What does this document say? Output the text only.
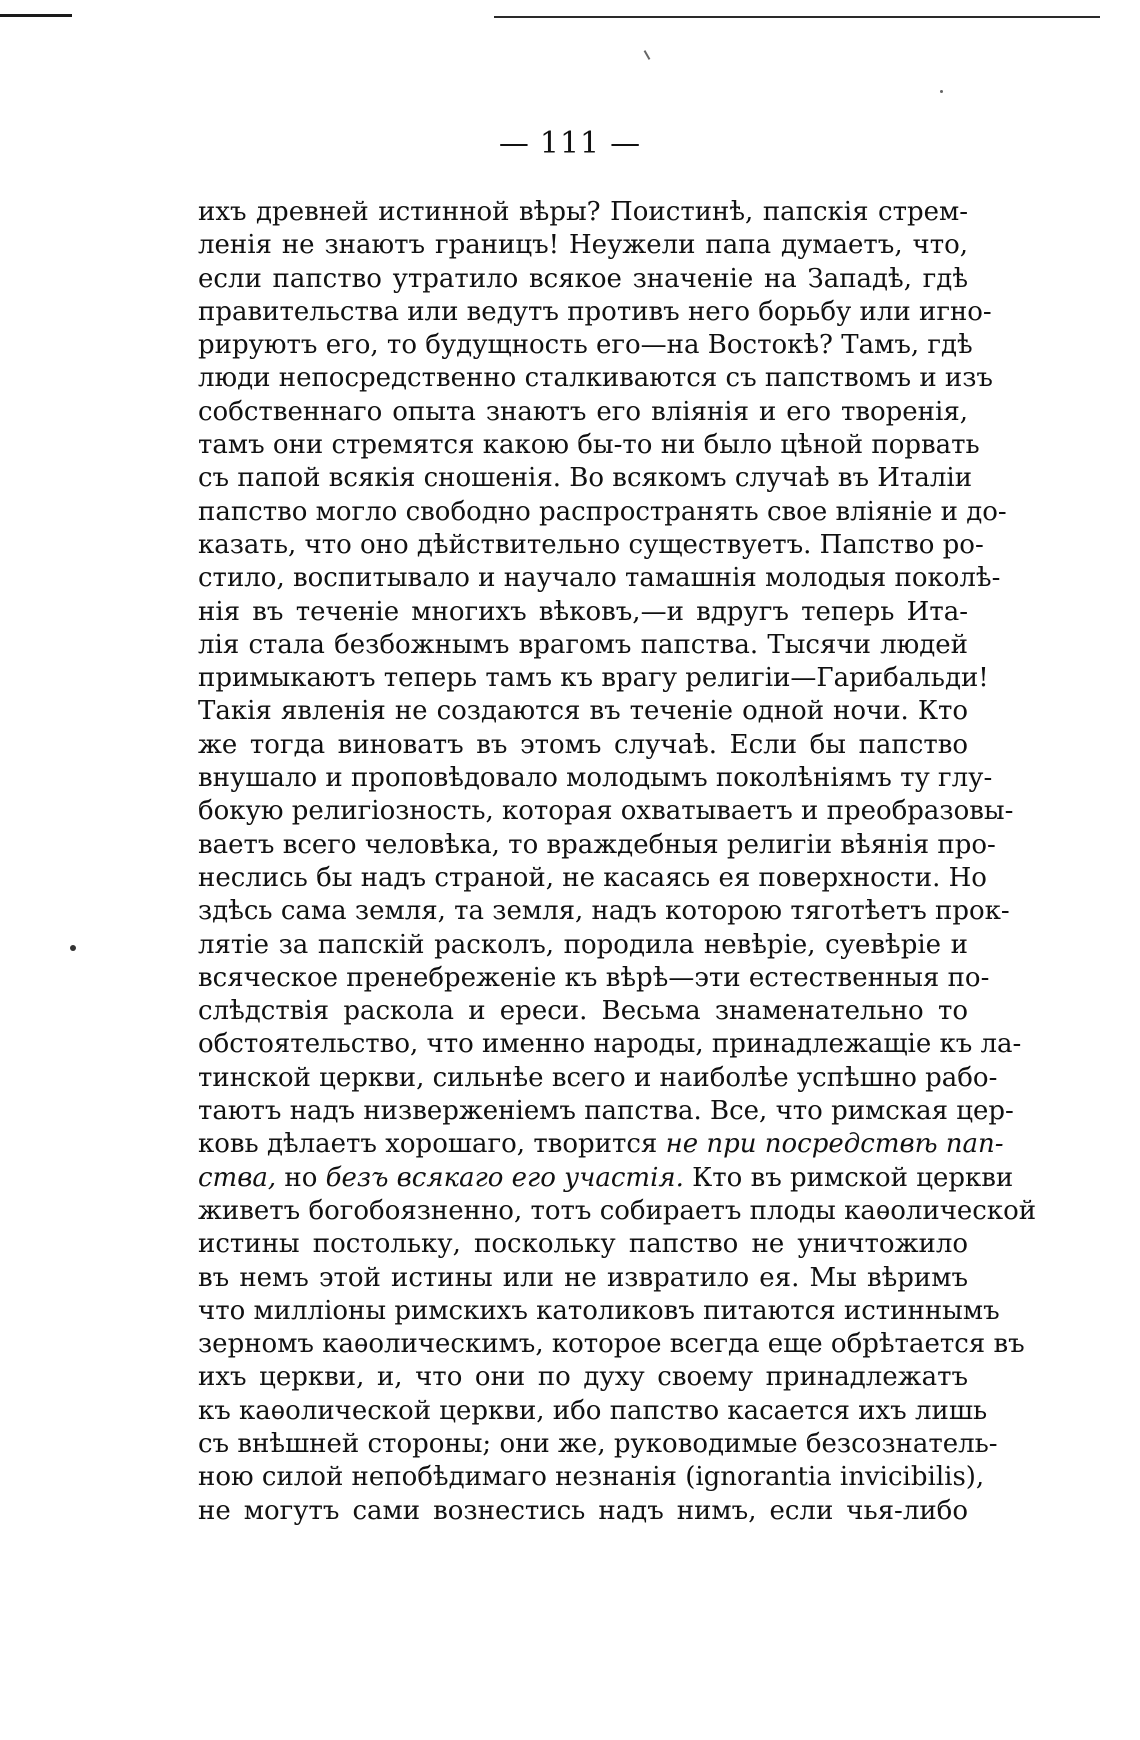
— 111 —
ихъ древней истинной вѣры? Поистинѣ, папскія стрем-
ленія не знаютъ границъ! Неужели папа думаетъ, что,
если папство утратило всякое значеніе на Западѣ, гдѣ
правительства или ведутъ противъ него борьбу или игно-
рируютъ его, то будущность его—на Востокѣ? Тамъ, гдѣ
люди непосредственно сталкиваются съ папствомъ и изъ
собственнаго опыта знаютъ его вліянія и его творенія,
тамъ они стремятся какою бы-то ни было цѣной порвать
съ папой всякія сношенія. Во всякомъ случаѣ въ Италіи
папство могло свободно распространять свое вліяніе и до-
казать, что оно дѣйствительно существуетъ. Папство ро-
стило, воспитывало и научало тамашнія молодыя поколѣ-
нія въ теченіе многихъ вѣковъ,—и вдругъ теперь Ита-
лія стала безбожнымъ врагомъ папства. Тысячи людей
примыкаютъ теперь тамъ къ врагу религіи—Гарибальди!
Такія явленія не создаются въ теченіе одной ночи. Кто
же тогда виноватъ въ этомъ случаѣ. Если бы папство
внушало и проповѣдовало молодымъ поколѣніямъ ту глу-
бокую религіозность, которая охватываетъ и преобразовы-
ваетъ всего человѣка, то враждебныя религіи вѣянія про-
неслись бы надъ страной, не касаясь ея поверхности. Но
здѣсь сама земля, та земля, надъ которою тяготѣетъ прок-
лятіе за папскій расколъ, породила невѣріе, суевѣріе и
всяческое пренебреженіе къ вѣрѣ—эти естественныя по-
слѣдствія раскола и ереси. Весьма знаменательно то
обстоятельство, что именно народы, принадлежащіе къ ла-
тинской церкви, сильнѣе всего и наиболѣе успѣшно рабо-
таютъ надъ низверженіемъ папства. Все, что римская цер-
ковь дѣлаетъ хорошаго, творится не при посредствѣ пап-
ства, но безъ всякаго его участія. Кто въ римской церкви
живетъ богобоязненно, тотъ собираетъ плоды каѳолической
истины постольку, поскольку папство не уничтожило
въ немъ этой истины или не извратило ея. Мы вѣримъ
что милліоны римскихъ католиковъ питаются истиннымъ
зерномъ каѳолическимъ, которое всегда еще обрѣтается въ
ихъ церкви, и, что они по духу своему принадлежатъ
къ каѳолической церкви, ибо папство касается ихъ лишь
съ внѣшней стороны; они же, руководимые безсознатель-
ною силой непобѣдимаго незнанія (ignorantia invicibilis),
не могутъ сами вознестись надъ нимъ, если чья-либо
